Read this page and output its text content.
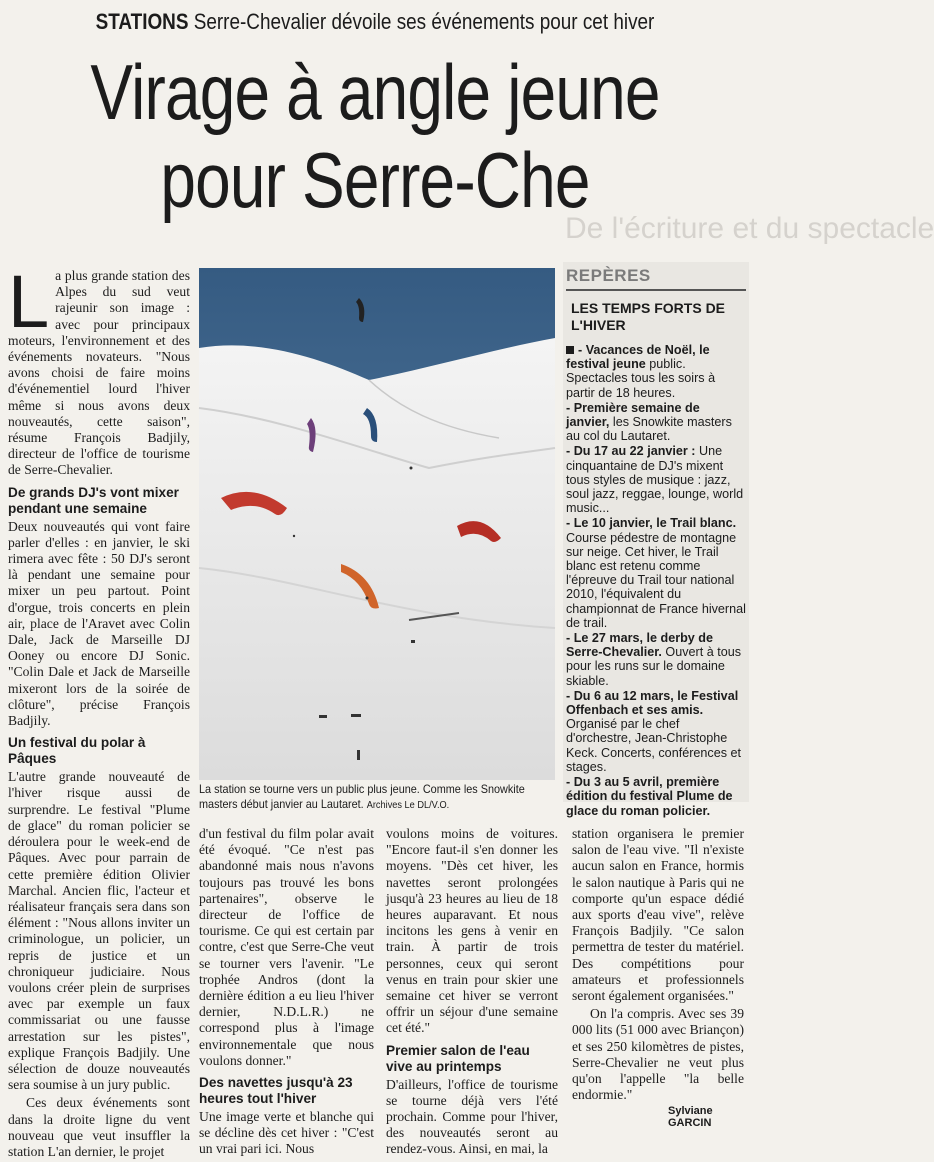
STATIONS Serre-Chevalier dévoile ses événements pour cet hiver
Virage à angle jeune
pour Serre-Che
De l'écriture et du spectacle

La plus grande station des Alpes du sud veut rajeunir son image : avec pour principaux moteurs, l'environnement et des événements novateurs. "Nous avons choisi de faire moins d'événementiel lourd l'hiver même si nous avons deux nouveautés, cette saison", résume François Badjily, directeur de l'office de tourisme de Serre-Chevalier.

De grands DJ's vont mixer pendant une semaine

Deux nouveautés qui vont faire parler d'elles : en janvier, le ski rimera avec fête : 50 DJ's seront là pendant une semaine pour mixer un peu partout. Point d'orgue, trois concerts en plein air, place de l'Aravet avec Colin Dale, Jack de Marseille DJ Ooney ou encore DJ Sonic. "Colin Dale et Jack de Marseille mixeront lors de la soirée de clôture", précise François Badjily.

Un festival du polar à Pâques

L'autre grande nouveauté de l'hiver risque aussi de surprendre. Le festival "Plume de glace" du roman policier se déroulera pour le week-end de Pâques. Avec pour parrain de cette première édition Olivier Marchal. Ancien flic, l'acteur et réalisateur français sera dans son élément : "Nous allons inviter un criminologue, un policier, un repris de justice et un chroniqueur judiciaire. Nous voulons créer plein de surprises avec par exemple un faux commissariat ou une fausse arrestation sur les pistes", explique François Badjily. Une sélection de douze nouveautés sera soumise à un jury public.

Ces deux événements sont dans la droite ligne du vent nouveau que veut insuffler la station L'an dernier, le projet

La station se tourne vers un public plus jeune. Comme les Snowkite masters début janvier au Lautaret. Archives Le DL/V.O.
REPÈRES
LES TEMPS FORTS DE L'HIVER
- Vacances de Noël, le festival jeune public. Spectacles tous les soirs à partir de 18 heures.
- Première semaine de janvier, les Snowkite masters au col du Lautaret.
- Du 17 au 22 janvier : Une cinquantaine de DJ's mixent tous styles de musique : jazz, soul jazz, reggae, lounge, world music...
- Le 10 janvier, le Trail blanc. Course pédestre de montagne sur neige. Cet hiver, le Trail blanc est retenu comme l'épreuve du Trail tour national 2010, l'équivalent du championnat de France hivernal de trail.
- Le 27 mars, le derby de Serre-Chevalier. Ouvert à tous pour les runs sur le domaine skiable.
- Du 6 au 12 mars, le Festival Offenbach et ses amis. Organisé par le chef d'orchestre, Jean-Christophe Keck. Concerts, conférences et stages.
- Du 3 au 5 avril, première édition du festival Plume de glace du roman policier.

d'un festival du film polar avait été évoqué. "Ce n'est pas abandonné mais nous n'avons toujours pas trouvé les bons partenaires", observe le directeur de l'office de tourisme. Ce qui est certain par contre, c'est que Serre-Che veut se tourner vers l'avenir. "Le trophée Andros (dont la dernière édition a eu lieu l'hiver dernier, N.D.L.R.) ne correspond plus à l'image environnementale que nous voulons donner."

Des navettes jusqu'à 23 heures tout l'hiver

Une image verte et blanche qui se décline dès cet hiver : "C'est un vrai pari ici. Nous

voulons moins de voitures. "Encore faut-il s'en donner les moyens. "Dès cet hiver, les navettes seront prolongées jusqu'à 23 heures au lieu de 18 heures auparavant. Et nous incitons les gens à venir en train. À partir de trois personnes, ceux qui seront venus en train pour skier une semaine cet hiver se verront offrir un séjour d'une semaine cet été."

Premier salon de l'eau vive au printemps

D'ailleurs, l'office de tourisme se tourne déjà vers l'été prochain. Comme pour l'hiver, des nouveautés seront au rendez-vous. Ainsi, en mai, la

station organisera le premier salon de l'eau vive. "Il n'existe aucun salon en France, hormis le salon nautique à Paris qui ne comporte qu'un espace dédié aux sports d'eau vive", relève François Badjily. "Ce salon permettra de tester du matériel. Des compétitions pour amateurs et professionnels seront également organisées."

On l'a compris. Avec ses 39 000 lits (51 000 avec Briançon) et ses 250 kilomètres de pistes, Serre-Chevalier ne veut plus qu'on l'appelle "la belle endormie."

Sylviane GARCIN
